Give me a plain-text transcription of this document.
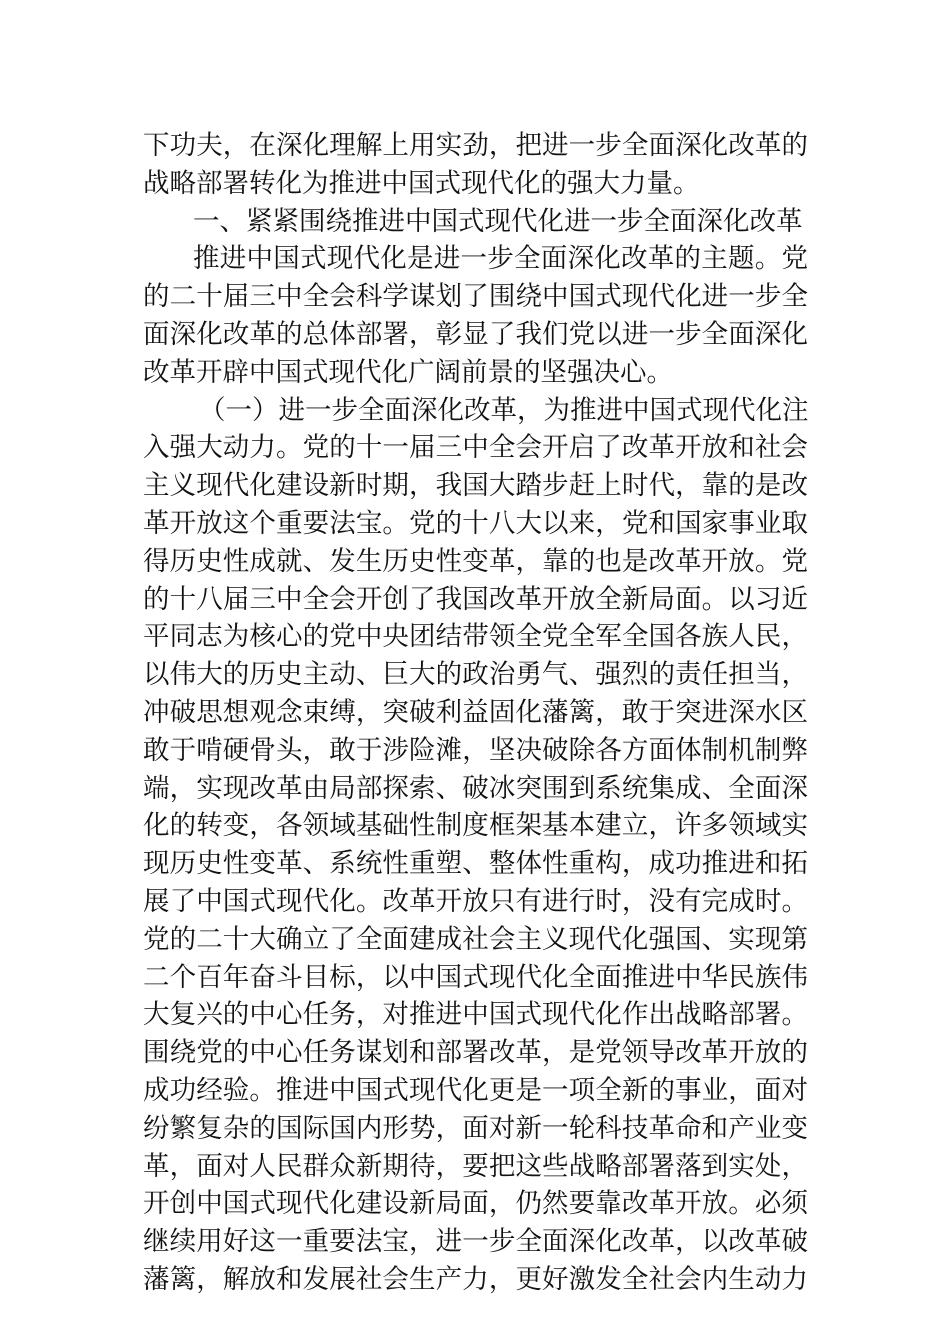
下功夫，在深化理解上用实劲，把进一步全面深化改革的
战略部署转化为推进中国式现代化的强大力量。
一、紧紧围绕推进中国式现代化进一步全面深化改革
推进中国式现代化是进一步全面深化改革的主题。党
的二十届三中全会科学谋划了围绕中国式现代化进一步全
面深化改革的总体部署，彰显了我们党以进一步全面深化
改革开辟中国式现代化广阔前景的坚强决心。
（一）进一步全面深化改革，为推进中国式现代化注
入强大动力。党的十一届三中全会开启了改革开放和社会
主义现代化建设新时期，我国大踏步赶上时代，靠的是改
革开放这个重要法宝。党的十八大以来，党和国家事业取
得历史性成就、发生历史性变革，靠的也是改革开放。党
的十八届三中全会开创了我国改革开放全新局面。以习近
平同志为核心的党中央团结带领全党全军全国各族人民，
以伟大的历史主动、巨大的政治勇气、强烈的责任担当，
冲破思想观念束缚，突破利益固化藩篱，敢于突进深水区
敢于啃硬骨头，敢于涉险滩，坚决破除各方面体制机制弊
端，实现改革由局部探索、破冰突围到系统集成、全面深
化的转变，各领域基础性制度框架基本建立，许多领域实
现历史性变革、系统性重塑、整体性重构，成功推进和拓
展了中国式现代化。改革开放只有进行时，没有完成时。
党的二十大确立了全面建成社会主义现代化强国、实现第
二个百年奋斗目标，以中国式现代化全面推进中华民族伟
大复兴的中心任务，对推进中国式现代化作出战略部署。
围绕党的中心任务谋划和部署改革，是党领导改革开放的
成功经验。推进中国式现代化更是一项全新的事业，面对
纷繁复杂的国际国内形势，面对新一轮科技革命和产业变
革，面对人民群众新期待，要把这些战略部署落到实处，
开创中国式现代化建设新局面，仍然要靠改革开放。必须
继续用好这一重要法宝，进一步全面深化改革，以改革破
藩篱，解放和发展社会生产力，更好激发全社会内生动力
